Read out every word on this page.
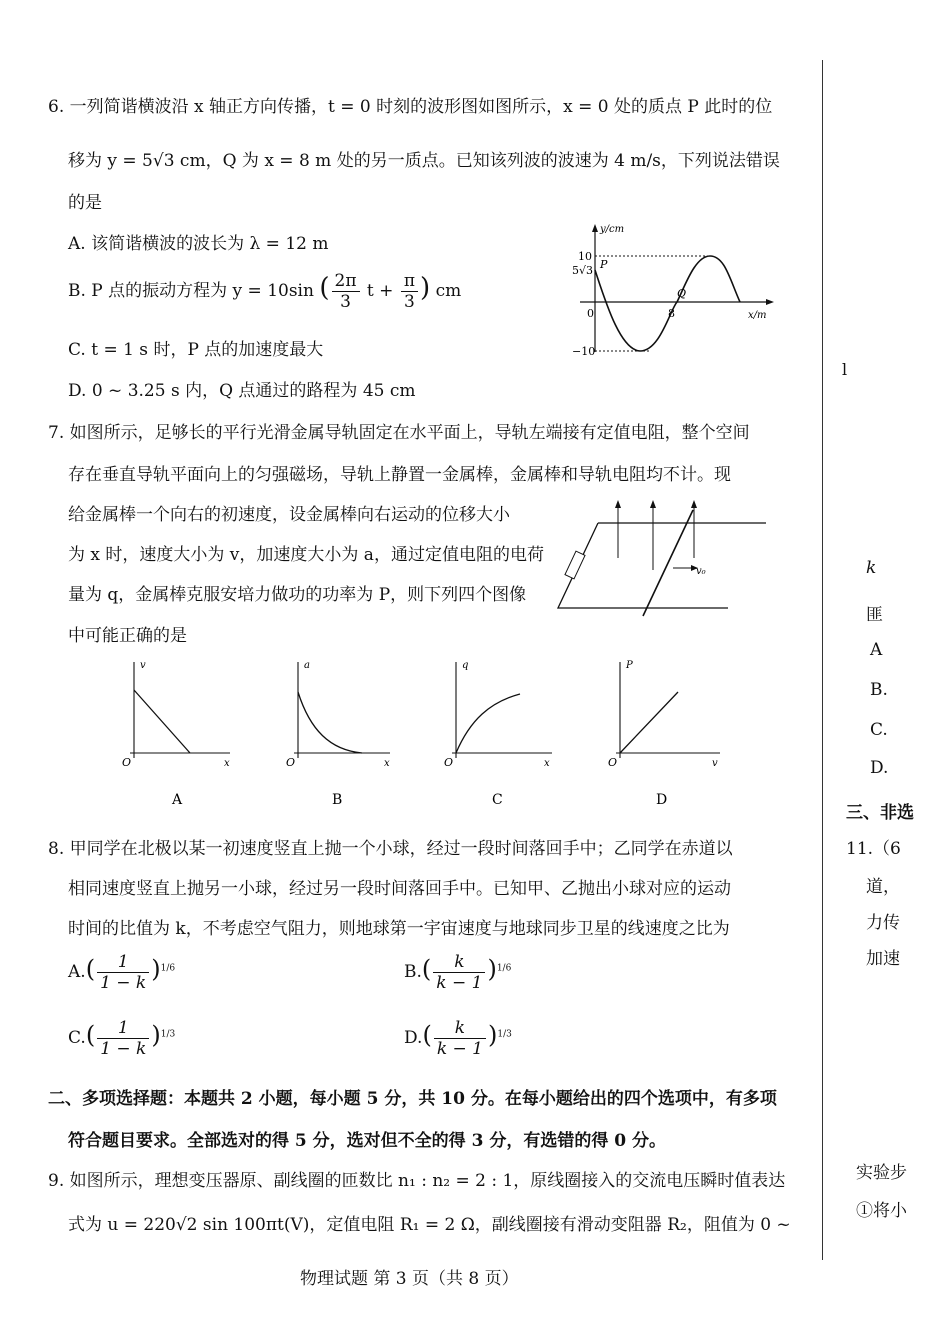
6. 一列简谐横波沿 x 轴正方向传播，t = 0 时刻的波形图如图所示，x = 0 处的质点 P 此时的位
移为 y = 5√3 cm，Q 为 x = 8 m 处的另一质点。已知该列波的波速为 4 m/s，下列说法错误
的是
A. 该简谐横波的波长为 λ = 12 m
B. P 点的振动方程为 y = 10sin ( $\frac{2\pi}{3}$ $t + \frac{\pi}{3}$ ) cm
C. t = 1 s 时，P 点的加速度最大
D. 0 ~ 3.25 s 内，Q 点通过的路程为 45 cm
y/cm
x/m
10
−10
5√3
0	8
P
Q
7. 如图所示，足够长的平行光滑金属导轨固定在水平面上，导轨左端接有定值电阻，整个空间
存在垂直导轨平面向上的匀强磁场，导轨上静置一金属棒，金属棒和导轨电阻均不计。现
给金属棒一个向右的初速度，设金属棒向右运动的位移大小
为 x 时，速度大小为 v，加速度大小为 a，通过定值电阻的电荷
量为 q，金属棒克服安培力做功的功率为 P，则下列四个图像
中可能正确的是
v₀
v
x
O
A
a
x
O
B
q
x
O
C
P
v
O
D
8. 甲同学在北极以某一初速度竖直上抛一个小球，经过一段时间落回手中；乙同学在赤道以
相同速度竖直上抛另一小球，经过另一段时间落回手中。已知甲、乙抛出小球对应的运动
时间的比值为 k，不考虑空气阻力，则地球第一宇宙速度与地球同步卫星的线速度之比为
$A.( \frac{1}{1 - k} )^{1/6}$	$B.( \frac{k}{k - 1} )^{1/6}$
$C.( \frac{1}{1 - k} )^{1/3}$	$D.( \frac{k}{k - 1} )^{1/3}$
二、多项选择题：本题共 2 小题，每小题 5 分，共 10 分。在每小题给出的四个选项中，有多项
符合题目要求。全部选对的得 5 分，选对但不全的得 3 分，有选错的得 0 分。
9. 如图所示，理想变压器原、副线圈的匝数比 n₁ : n₂ = 2 : 1，原线圈接入的交流电压瞬时值表达
式为 u = 220√2 sin 100πt(V)，定值电阻 R₁ = 2 Ω，副线圈接有滑动变阻器 R₂，阻值为 0 ~
物理试题 第 3 页（共 8 页）
l
k
匪
A
B.
C.
D.
三、非选
11.（6
道，
力传
加速
实验步
①将小
